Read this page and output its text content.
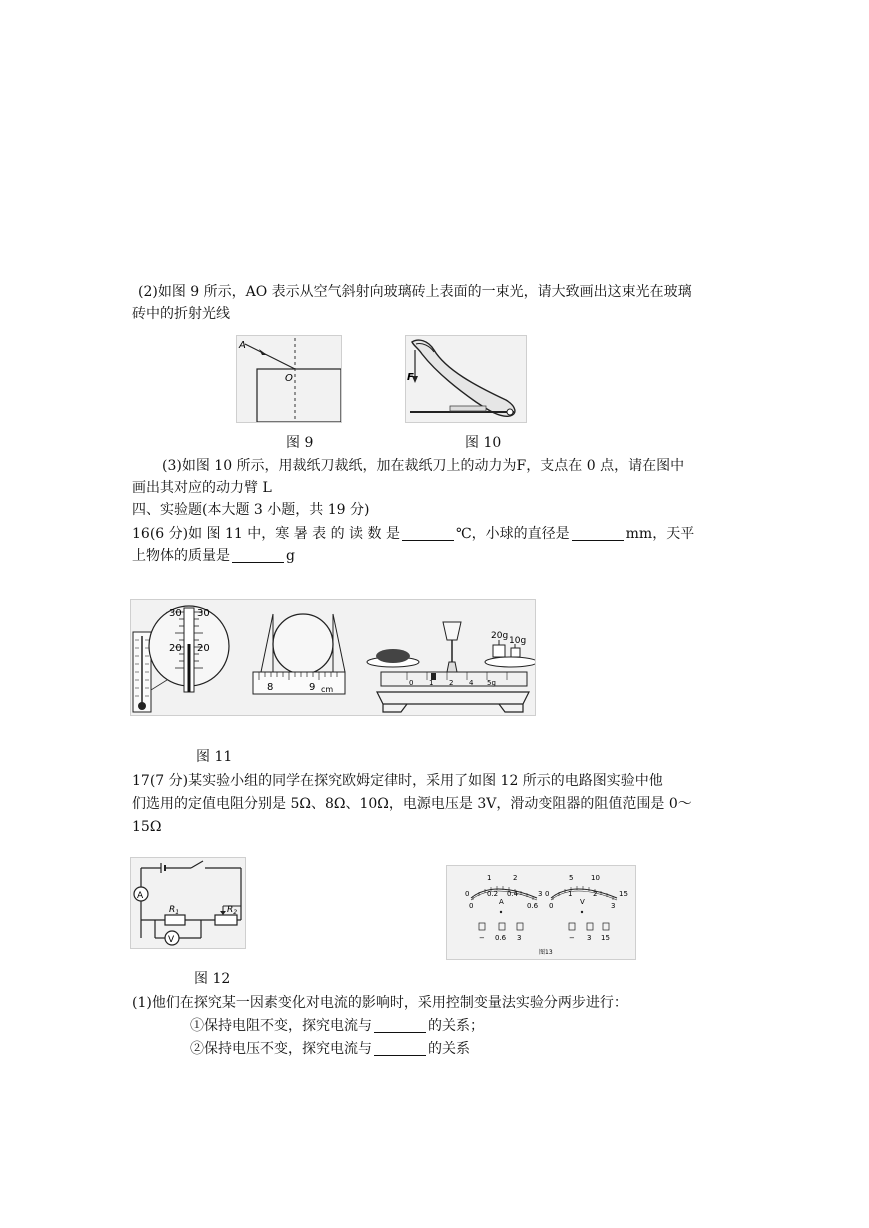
(2)如图 9 所示，AO 表示从空气斜射向玻璃砖上表面的一束光，请大致画出这束光在玻璃
砖中的折射光线
A
O	F
图 9	图 10
(3)如图 10 所示，用裁纸刀裁纸，加在裁纸刀上的动力为F，支点在 0 点，请在图中
画出其对应的动力臂 L
四、实验题(本大题 3 小题，共 19 分)
16(6 分)如 图 11 中，寒 暑 表 的 读 数 是	℃，小球的直径是	mm，天平
上物体的质量是	g
30 30
20 20
8	9 cm
20g 10g
0 1 2 4 5g
图 11
17(7 分)某实验小组的同学在探究欧姆定律时，采用了如图 12 所示的电路图实验中他
们选用的定值电阻分别是 5Ω、8Ω、10Ω，电源电压是 3V，滑动变阻器的阻值范围是 0～
15Ω
A
$R_1$	$R_2$
V
0
1	2
3
0
0.2 0.4
0.6
A
− 0.6 3
0
5	10
15
0
1	2
3
V
− 3 15
图13
图 12
(1)他们在探究某一因素变化对电流的影响时，采用控制变量法实验分两步进行：
①保持电阻不变，探究电流与	的关系；
②保持电压不变，探究电流与	的关系
